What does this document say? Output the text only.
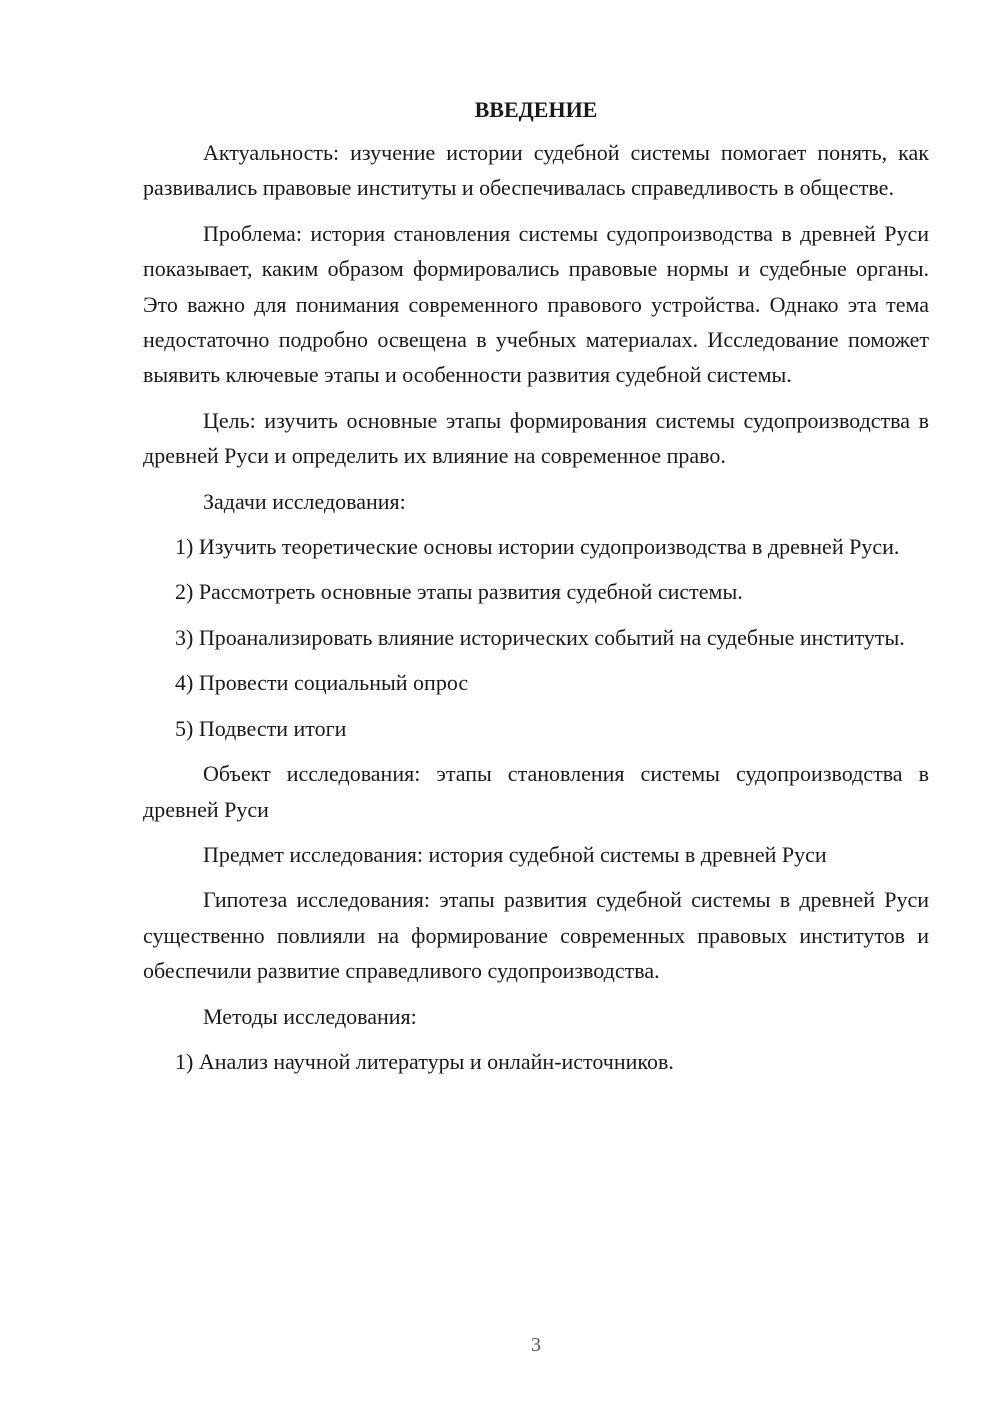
ВВЕДЕНИЕ

Актуальность: изучение истории судебной системы помогает понять, как развивались правовые институты и обеспечивалась справедливость в обществе.

Проблема: история становления системы судопроизводства в древней Руси показывает, каким образом формировались правовые нормы и судебные органы. Это важно для понимания современного правового устройства. Однако эта тема недостаточно подробно освещена в учебных материалах. Исследование поможет выявить ключевые этапы и особенности развития судебной системы.

Цель: изучить основные этапы формирования системы судопроизводства в древней Руси и определить их влияние на современное право.

Задачи исследования:

1) Изучить теоретические основы истории судопроизводства в древней Руси.

2) Рассмотреть основные этапы развития судебной системы.

3) Проанализировать влияние исторических событий на судебные институты.

4) Провести социальный опрос

5) Подвести итоги

Объект исследования: этапы становления системы судопроизводства в древней Руси

Предмет исследования: история судебной системы в древней Руси

Гипотеза исследования: этапы развития судебной системы в древней Руси существенно повлияли на формирование современных правовых институтов и обеспечили развитие справедливого судопроизводства.

Методы исследования:

1) Анализ научной литературы и онлайн-источников.

3
